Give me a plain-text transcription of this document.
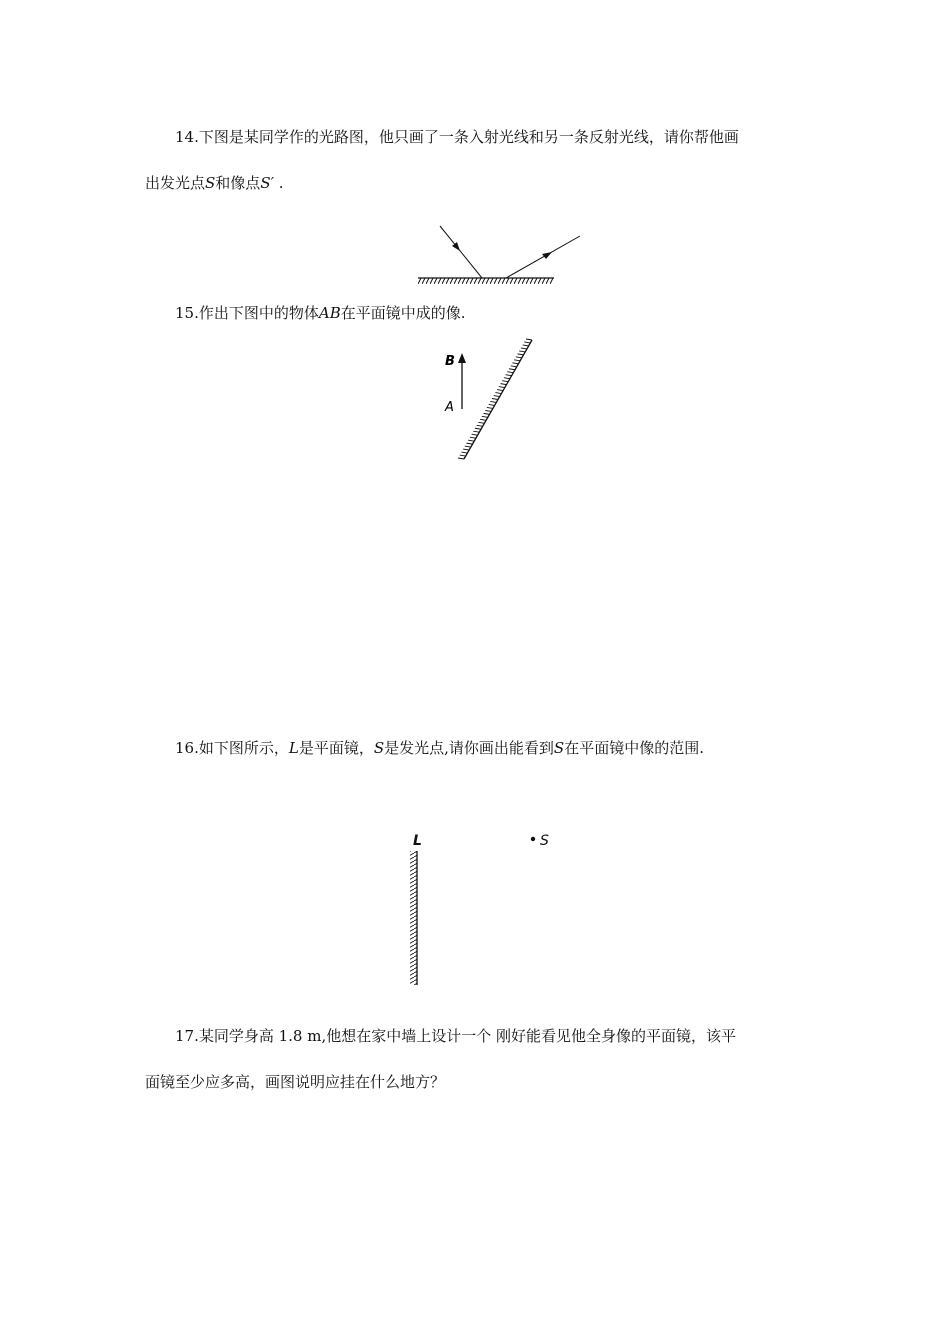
14.下图是某同学作的光路图，他只画了一条入射光线和另一条反射光线，请你帮他画
出发光点S和像点S′ .
15.作出下图中的物体AB在平面镜中成的像.
B
A
16.如下图所示，L是平面镜，S是发光点,请你画出能看到S在平面镜中像的范围.
L	S
17.某同学身高 1.8 m,他想在家中墙上设计一个 刚好能看见他全身像的平面镜，该平
面镜至少应多高，画图说明应挂在什么地方？
